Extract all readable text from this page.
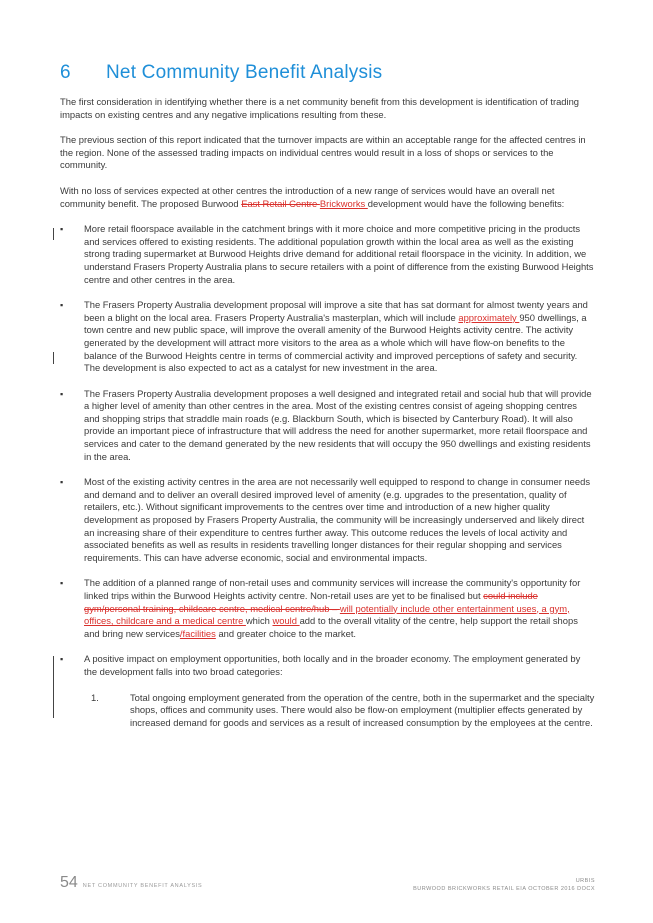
6 Net Community Benefit Analysis

The first consideration in identifying whether there is a net community benefit from this development is identification of trading impacts on existing centres and any negative implications resulting from these.

The previous section of this report indicated that the turnover impacts are within an acceptable range for the affected centres in the region. None of the assessed trading impacts on individual centres would result in a loss of shops or services to the community.

With no loss of services expected at other centres the introduction of a new range of services would have an overall net community benefit. The proposed Burwood East Retail Centre Brickworks development would have the following benefits:

▪ More retail floorspace available in the catchment brings with it more choice and more competitive pricing in the products and services offered to existing residents. The additional population growth within the local area as well as the existing strong trading supermarket at Burwood Heights drive demand for additional retail floorspace in the vicinity. In addition, we understand Frasers Property Australia plans to secure retailers with a point of difference from the existing Burwood Heights centre and other centres in the area.
▪ The Frasers Property Australia development proposal will improve a site that has sat dormant for almost twenty years and been a blight on the local area. Frasers Property Australia's masterplan, which will include approximately 950 dwellings, a town centre and new public space, will improve the overall amenity of the Burwood Heights activity centre. The activity generated by the development will attract more visitors to the area as a whole which will have flow-on benefits to the balance of the Burwood Heights centre in terms of commercial activity and improved perceptions of safety and security. The development is also expected to act as a catalyst for new investment in the area.
▪ The Frasers Property Australia development proposes a well designed and integrated retail and social hub that will provide a higher level of amenity than other centres in the area. Most of the existing centres consist of ageing shopping centres and shopping strips that straddle main roads (e.g. Blackburn South, which is bisected by Canterbury Road). It will also provide an important piece of infrastructure that will address the need for another supermarket, more retail floorspace and services and cater to the demand generated by the new residents that will occupy the 950 dwellings and existing residents in the area.
▪ Most of the existing activity centres in the area are not necessarily well equipped to respond to change in consumer needs and demand and to deliver an overall desired improved level of amenity (e.g. upgrades to the presentation, quality of retailers, etc.). Without significant improvements to the centres over time and introduction of a new higher quality development as proposed by Frasers Property Australia, the community will be increasingly underserved and likely direct an increasing share of their expenditure to centres further away. This outcome reduces the levels of local activity and associated benefits as well as results in residents travelling longer distances for their regular shopping and services requirements. This can have adverse economic, social and environmental impacts.
▪ The addition of a planned range of non-retail uses and community services will increase the community's opportunity for linked trips within the Burwood Heights activity centre. Non-retail uses are yet to be finalised but could include gym/personal training, childcare centre, medical centre/hub – will potentially include other entertainment uses, a gym, offices, childcare and a medical centre which would add to the overall vitality of the centre, help support the retail shops and bring new services/facilities and greater choice to the market.
▪ A positive impact on employment opportunities, both locally and in the broader economy. The employment generated by the development falls into two broad categories:
1.	Total ongoing employment generated from the operation of the centre, both in the supermarket and the specialty shops, offices and community uses. There would also be flow-on employment (multiplier effects generated by increased demand for goods and services as a result of increased consumption by the employees at the centre.
54 NET COMMUNITY BENEFIT ANALYSIS
URBIS
BURWOOD BRICKWORKS RETAIL EIA OCTOBER 2016 DOCX
